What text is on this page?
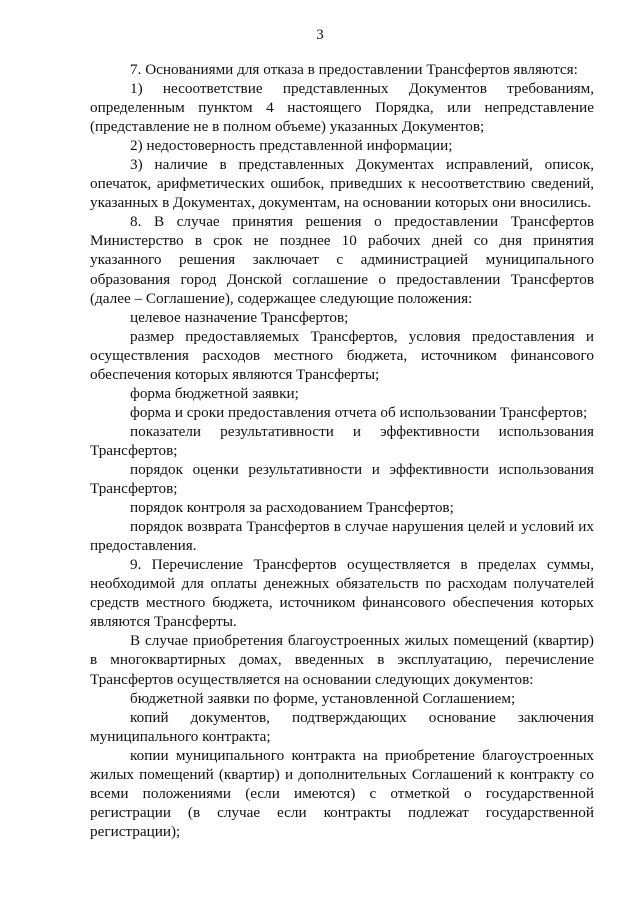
3

7. Основаниями для отказа в предоставлении Трансфертов являются:

1) несоответствие представленных Документов требованиям, определенным пунктом 4 настоящего Порядка, или непредставление (представление не в полном объеме) указанных Документов;

2) недостоверность представленной информации;

3) наличие в представленных Документах исправлений, описок, опечаток, арифметических ошибок, приведших к несоответствию сведений, указанных в Документах, документам, на основании которых они вносились.

8. В случае принятия решения о предоставлении Трансфертов Министерство в срок не позднее 10 рабочих дней со дня принятия указанного решения заключает с администрацией муниципального образования город Донской соглашение о предоставлении Трансфертов (далее – Соглашение), содержащее следующие положения:

целевое назначение Трансфертов;

размер предоставляемых Трансфертов, условия предоставления и осуществления расходов местного бюджета, источником финансового обеспечения которых являются Трансферты;

форма бюджетной заявки;

форма и сроки предоставления отчета об использовании Трансфертов;

показатели результативности и эффективности использования Трансфертов;

порядок оценки результативности и эффективности использования Трансфертов;

порядок контроля за расходованием Трансфертов;

порядок возврата Трансфертов в случае нарушения целей и условий их предоставления.

9. Перечисление Трансфертов осуществляется в пределах суммы, необходимой для оплаты денежных обязательств по расходам получателей средств местного бюджета, источником финансового обеспечения которых являются Трансферты.

В случае приобретения благоустроенных жилых помещений (квартир) в многоквартирных домах, введенных в эксплуатацию, перечисление Трансфертов осуществляется на основании следующих документов:

бюджетной заявки по форме, установленной Соглашением;

копий документов, подтверждающих основание заключения муниципального контракта;

копии муниципального контракта на приобретение благоустроенных жилых помещений (квартир) и дополнительных Соглашений к контракту со всеми положениями (если имеются) с отметкой о государственной регистрации (в случае если контракты подлежат государственной регистрации);
